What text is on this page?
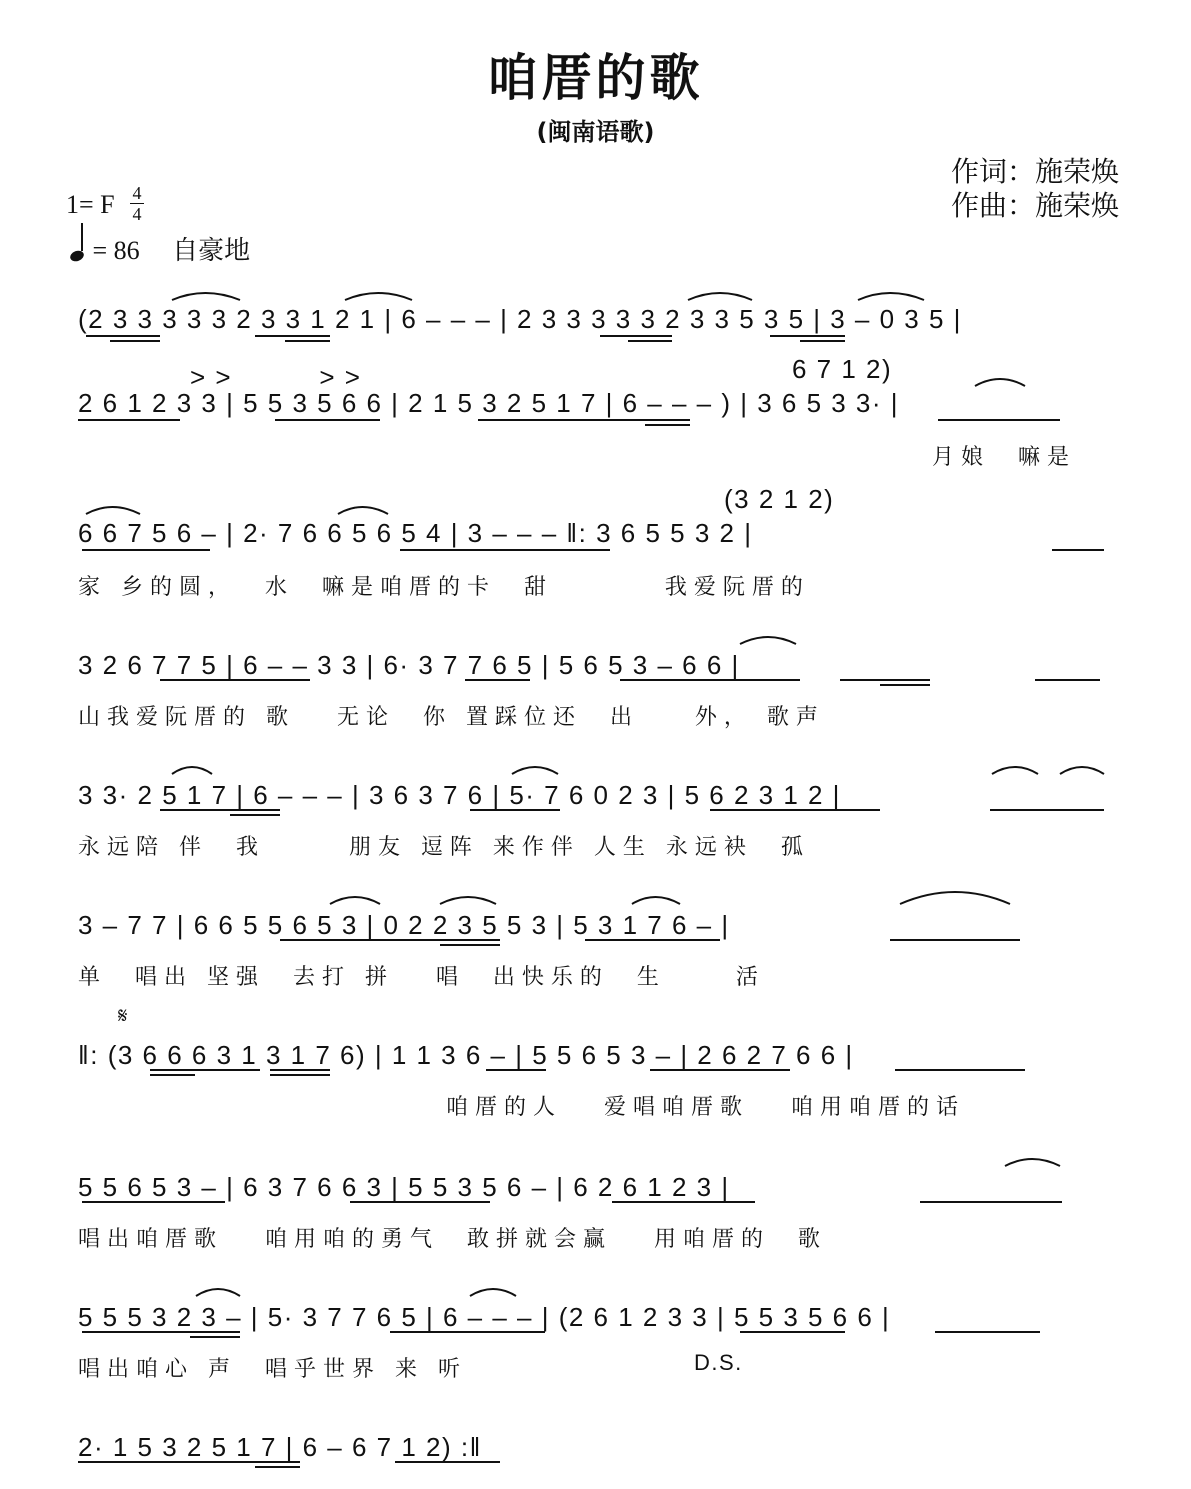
咱厝的歌
(闽南语歌)
作词：施荣焕
作曲：施荣焕
1= F 4
4
= 86 自豪地
(2 3 3 3 3 3 2 3 3 1 2 1 | 6 – – – | 2 3 3 3 3 3 2 3 3 5 3 5 | 3 – 0 3 5 |
> >          > >	6 7 1 2)
2 6 1 2 3 3 | 5 5 3 5 6 6 | 2 1 5 3 2 5 1 7 | 6 – – – ) | 3 6 5 3 3· |
月娘  嘛是
(3 2 1 2)
6 6 7 5 6 – | 2· 7 6 6 5 6 5 4 | 3 – – – ‖: 3 6 5 5 3 2 |
家 乡的圆，  水  嘛是咱厝的卡  甜        我爱阮厝的
3 2 6 7 7 5 | 6 – – 3 3 | 6· 3 7 7 6 5 | 5 6 5 3 – 6 6 |
山我爱阮厝的 歌   无论  你 置踩位还  出    外， 歌声
3 3· 2 5 1 7 | 6 – – – | 3 6 3 7 6 | 5· 7 6 0 2 3 | 5 6 2 3 1 2 |
永远陪 伴  我      朋友 逗阵 来作伴 人生 永远袂  孤
3 – 7 7 | 6 6 5 5 6 5 3 | 0 2 2 3 5 5 3 | 5 3 1 7 6 – |
单  唱出 坚强  去打 拼   唱  出快乐的  生     活
𝄋
‖: (3 6 6 6 3 1 3 1 7 6) | 1 1 3 6 – | 5 5 6 5 3 – | 2 6 2 7 6 6 |
咱厝的人   爱唱咱厝歌   咱用咱厝的话
5 5 6 5 3 – | 6 3 7 6 6 3 | 5 5 3 5 6 – | 6 2 6 1 2 3 |
唱出咱厝歌   咱用咱的勇气  敢拼就会赢   用咱厝的  歌
5 5 5 3 2 3 – | 5· 3 7 7 6 5 | 6 – – – | (2 6 1 2 3 3 | 5 5 3 5 6 6 |
唱出咱心 声  唱乎世界 来 听	D.S.
2· 1 5 3 2 5 1 7 | 6 – 6 7 1 2) :‖
